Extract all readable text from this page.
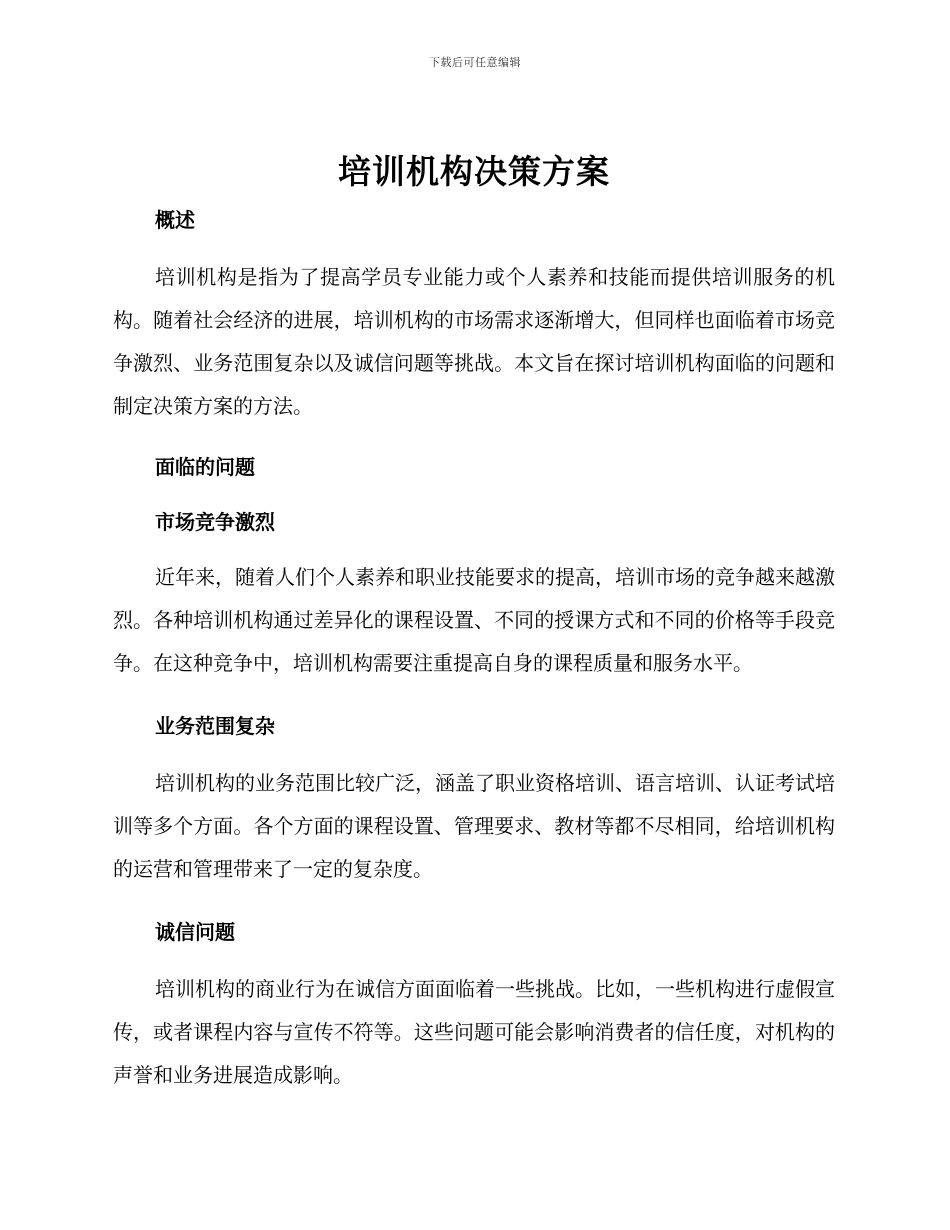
下载后可任意编辑
培训机构决策方案
概述

培训机构是指为了提高学员专业能力或个人素养和技能而提供培训服务的机构。随着社会经济的进展，培训机构的市场需求逐渐增大，但同样也面临着市场竞争激烈、业务范围复杂以及诚信问题等挑战。本文旨在探讨培训机构面临的问题和制定决策方案的方法。

面临的问题
市场竞争激烈

近年来，随着人们个人素养和职业技能要求的提高，培训市场的竞争越来越激烈。各种培训机构通过差异化的课程设置、不同的授课方式和不同的价格等手段竞争。在这种竞争中，培训机构需要注重提高自身的课程质量和服务水平。

业务范围复杂

培训机构的业务范围比较广泛，涵盖了职业资格培训、语言培训、认证考试培训等多个方面。各个方面的课程设置、管理要求、教材等都不尽相同，给培训机构的运营和管理带来了一定的复杂度。

诚信问题

培训机构的商业行为在诚信方面面临着一些挑战。比如，一些机构进行虚假宣传，或者课程内容与宣传不符等。这些问题可能会影响消费者的信任度，对机构的声誉和业务进展造成影响。
